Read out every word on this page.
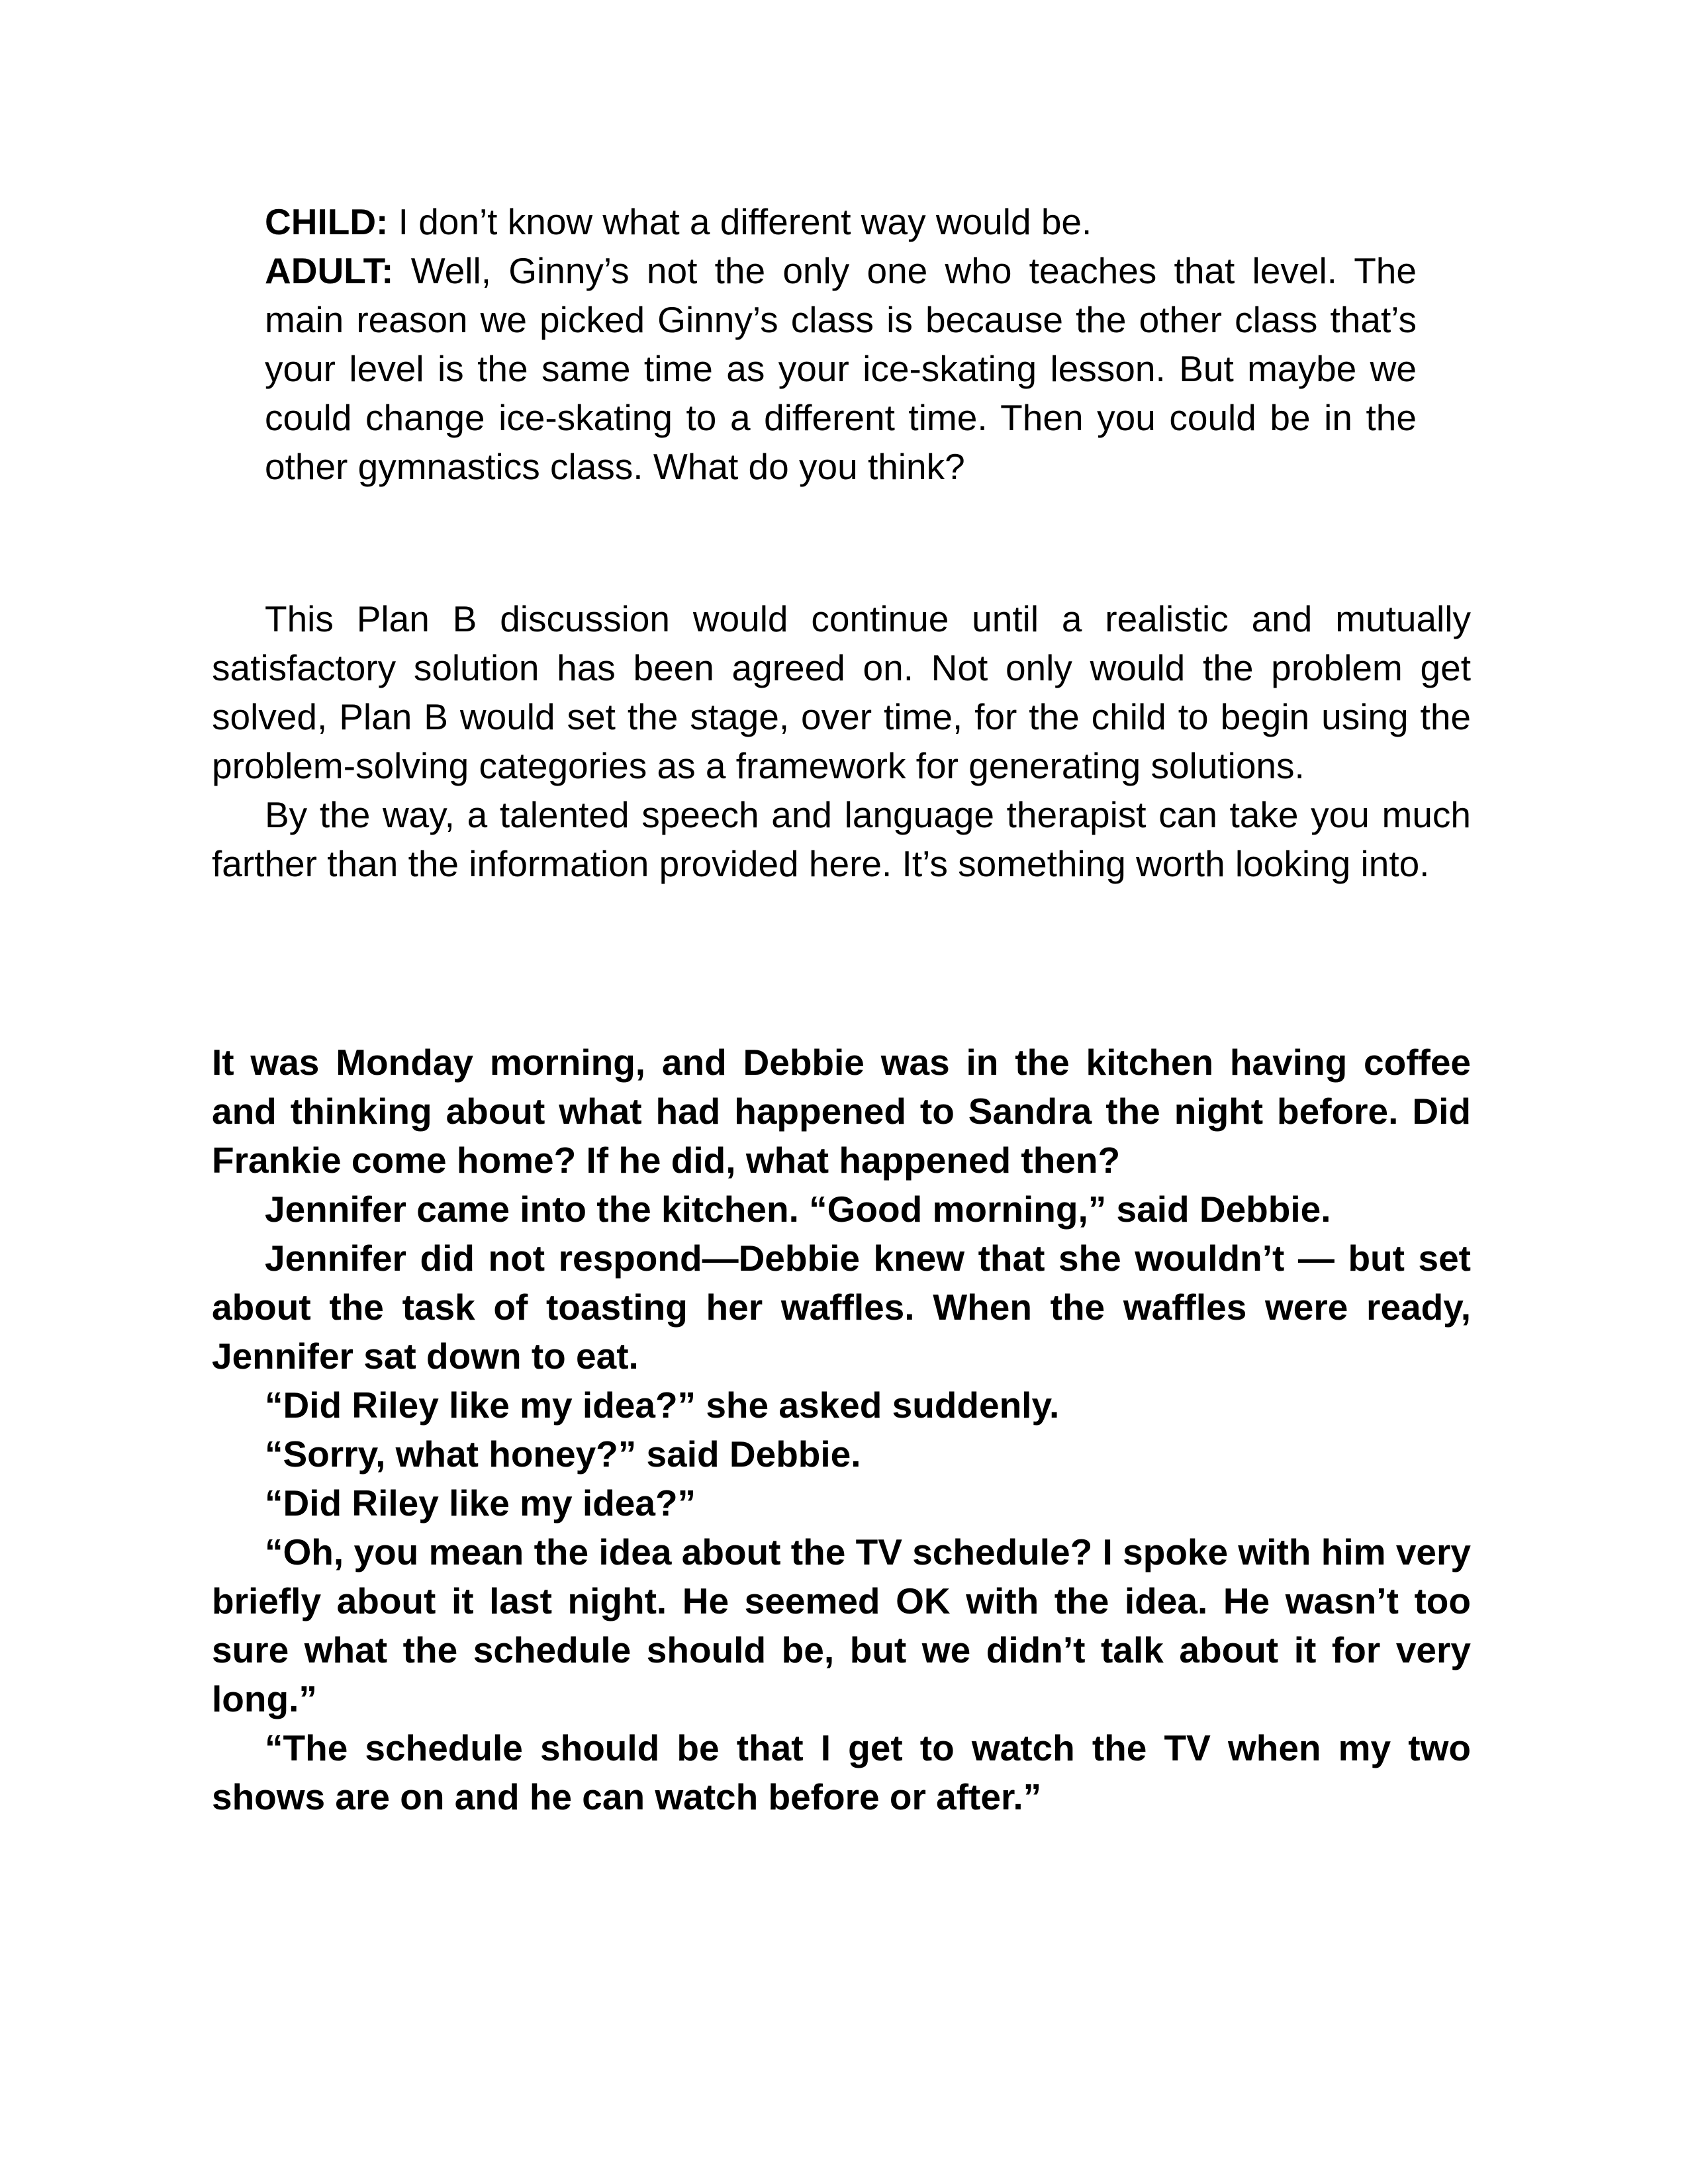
CHILD: I don’t know what a different way would be.

ADULT: Well, Ginny’s not the only one who teaches that level. The main reason we picked Ginny’s class is because the other class that’s your level is the same time as your ice-skating lesson. But maybe we could change ice-skating to a different time. Then you could be in the other gymnastics class. What do you think?

This Plan B discussion would continue until a realistic and mutually satisfactory solution has been agreed on. Not only would the problem get solved, Plan B would set the stage, over time, for the child to begin using the problem-solving categories as a framework for generating solutions.

By the way, a talented speech and language therapist can take you much farther than the information provided here. It’s something worth looking into.

It was Monday morning, and Debbie was in the kitchen having coffee and thinking about what had happened to Sandra the night before. Did Frankie come home? If he did, what happened then?

Jennifer came into the kitchen. “Good morning,” said Debbie.

Jennifer did not respond—Debbie knew that she wouldn’t — but set about the task of toasting her waffles. When the waffles were ready, Jennifer sat down to eat.

“Did Riley like my idea?” she asked suddenly.

“Sorry, what honey?” said Debbie.

“Did Riley like my idea?”

“Oh, you mean the idea about the TV schedule? I spoke with him very briefly about it last night. He seemed OK with the idea. He wasn’t too sure what the schedule should be, but we didn’t talk about it for very long.”

“The schedule should be that I get to watch the TV when my two shows are on and he can watch before or after.”
